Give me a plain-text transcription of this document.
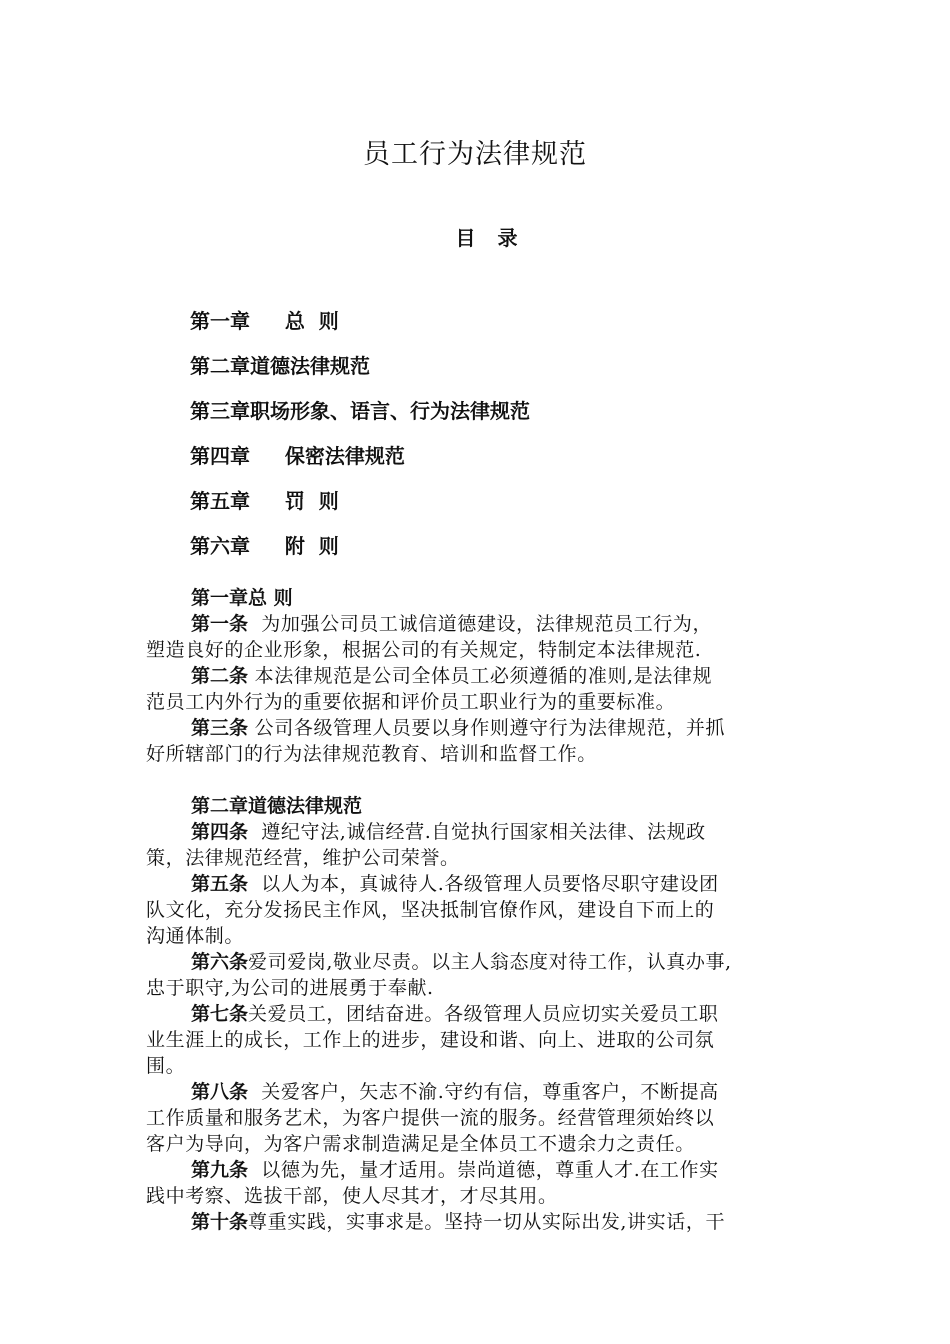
员工行为法律规范
目录
第一章     总  则
第二章道德法律规范
第三章职场形象、语言、行为法律规范
第四章     保密法律规范
第五章     罚  则
第六章     附  则
第一章总 则
第一条  为加强公司员工诚信道德建设，法律规范员工行为，
塑造良好的企业形象，根据公司的有关规定，特制定本法律规范.
第二条 本法律规范是公司全体员工必须遵循的准则,是法律规
范员工内外行为的重要依据和评价员工职业行为的重要标准。
第三条 公司各级管理人员要以身作则遵守行为法律规范，并抓
好所辖部门的行为法律规范教育、培训和监督工作。
第二章道德法律规范
第四条  遵纪守法,诚信经营.自觉执行国家相关法律、法规政
策，法律规范经营，维护公司荣誉。
第五条  以人为本，真诚待人.各级管理人员要恪尽职守建设团
队文化，充分发扬民主作风，坚决抵制官僚作风，建设自下而上的
沟通体制。
第六条爱司爱岗,敬业尽责。以主人翁态度对待工作，认真办事,
忠于职守,为公司的进展勇于奉献.
第七条关爱员工，团结奋进。各级管理人员应切实关爱员工职
业生涯上的成长，工作上的进步，建设和谐、向上、进取的公司氛
围。
第八条  关爱客户，矢志不渝.守约有信，尊重客户，不断提高
工作质量和服务艺术，为客户提供一流的服务。经营管理须始终以
客户为导向，为客户需求制造满足是全体员工不遗余力之责任。
第九条  以德为先，量才适用。崇尚道德，尊重人才.在工作实
践中考察、选拔干部，使人尽其才，才尽其用。
第十条尊重实践，实事求是。坚持一切从实际出发,讲实话，干
